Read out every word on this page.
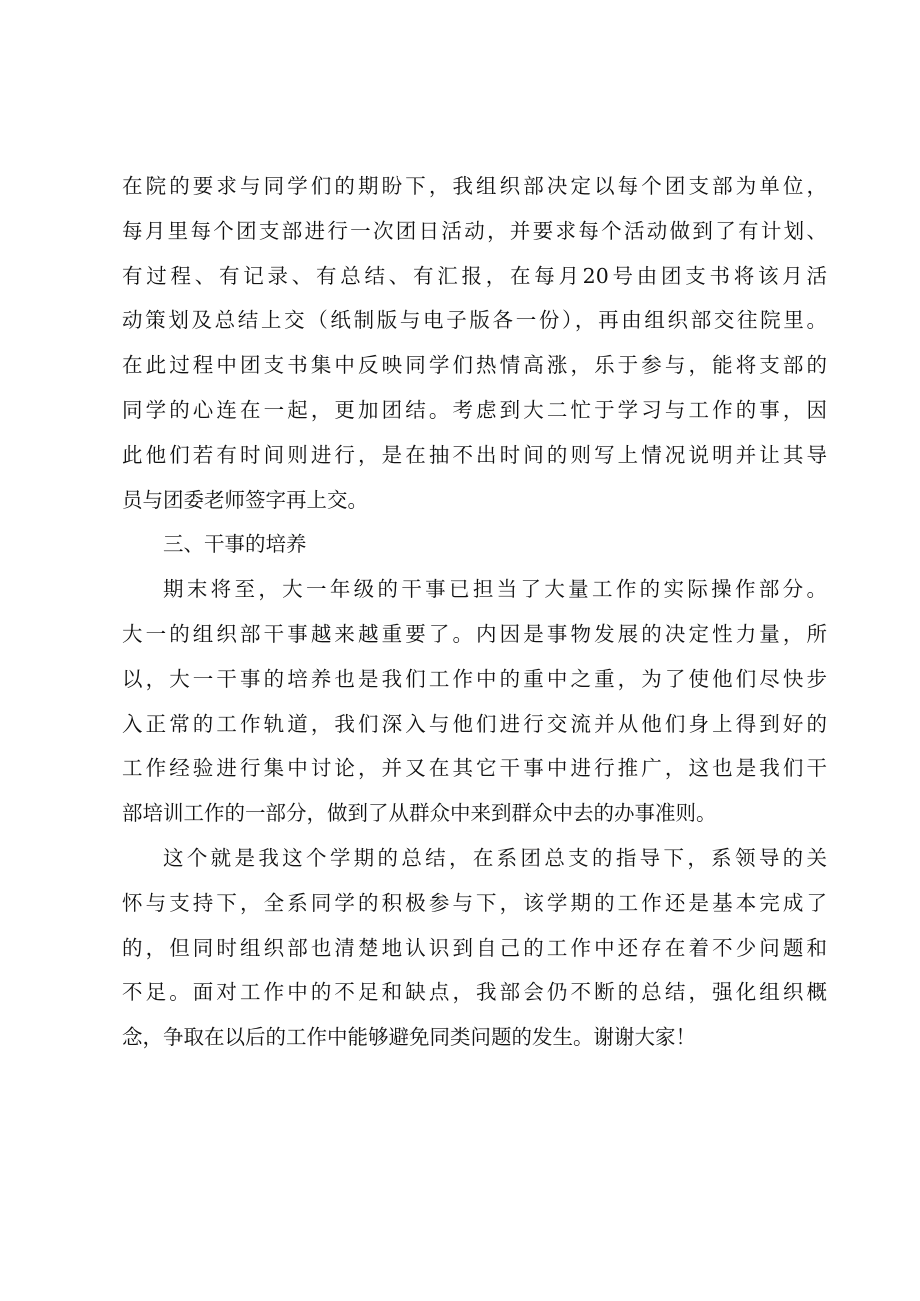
在院的要求与同学们的期盼下，我组织部决定以每个团支部为单位，
每月里每个团支部进行一次团日活动，并要求每个活动做到了有计划、
有过程、有记录、有总结、有汇报，在每月20号由团支书将该月活
动策划及总结上交（纸制版与电子版各一份），再由组织部交往院里。
在此过程中团支书集中反映同学们热情高涨，乐于参与，能将支部的
同学的心连在一起，更加团结。考虑到大二忙于学习与工作的事，因
此他们若有时间则进行，是在抽不出时间的则写上情况说明并让其导
员与团委老师签字再上交。
三、干事的培养
期末将至，大一年级的干事已担当了大量工作的实际操作部分。
大一的组织部干事越来越重要了。内因是事物发展的决定性力量，所
以，大一干事的培养也是我们工作中的重中之重，为了使他们尽快步
入正常的工作轨道，我们深入与他们进行交流并从他们身上得到好的
工作经验进行集中讨论，并又在其它干事中进行推广，这也是我们干
部培训工作的一部分，做到了从群众中来到群众中去的办事准则。
这个就是我这个学期的总结，在系团总支的指导下，系领导的关
怀与支持下，全系同学的积极参与下，该学期的工作还是基本完成了
的，但同时组织部也清楚地认识到自己的工作中还存在着不少问题和
不足。面对工作中的不足和缺点，我部会仍不断的总结，强化组织概
念，争取在以后的工作中能够避免同类问题的发生。谢谢大家！
